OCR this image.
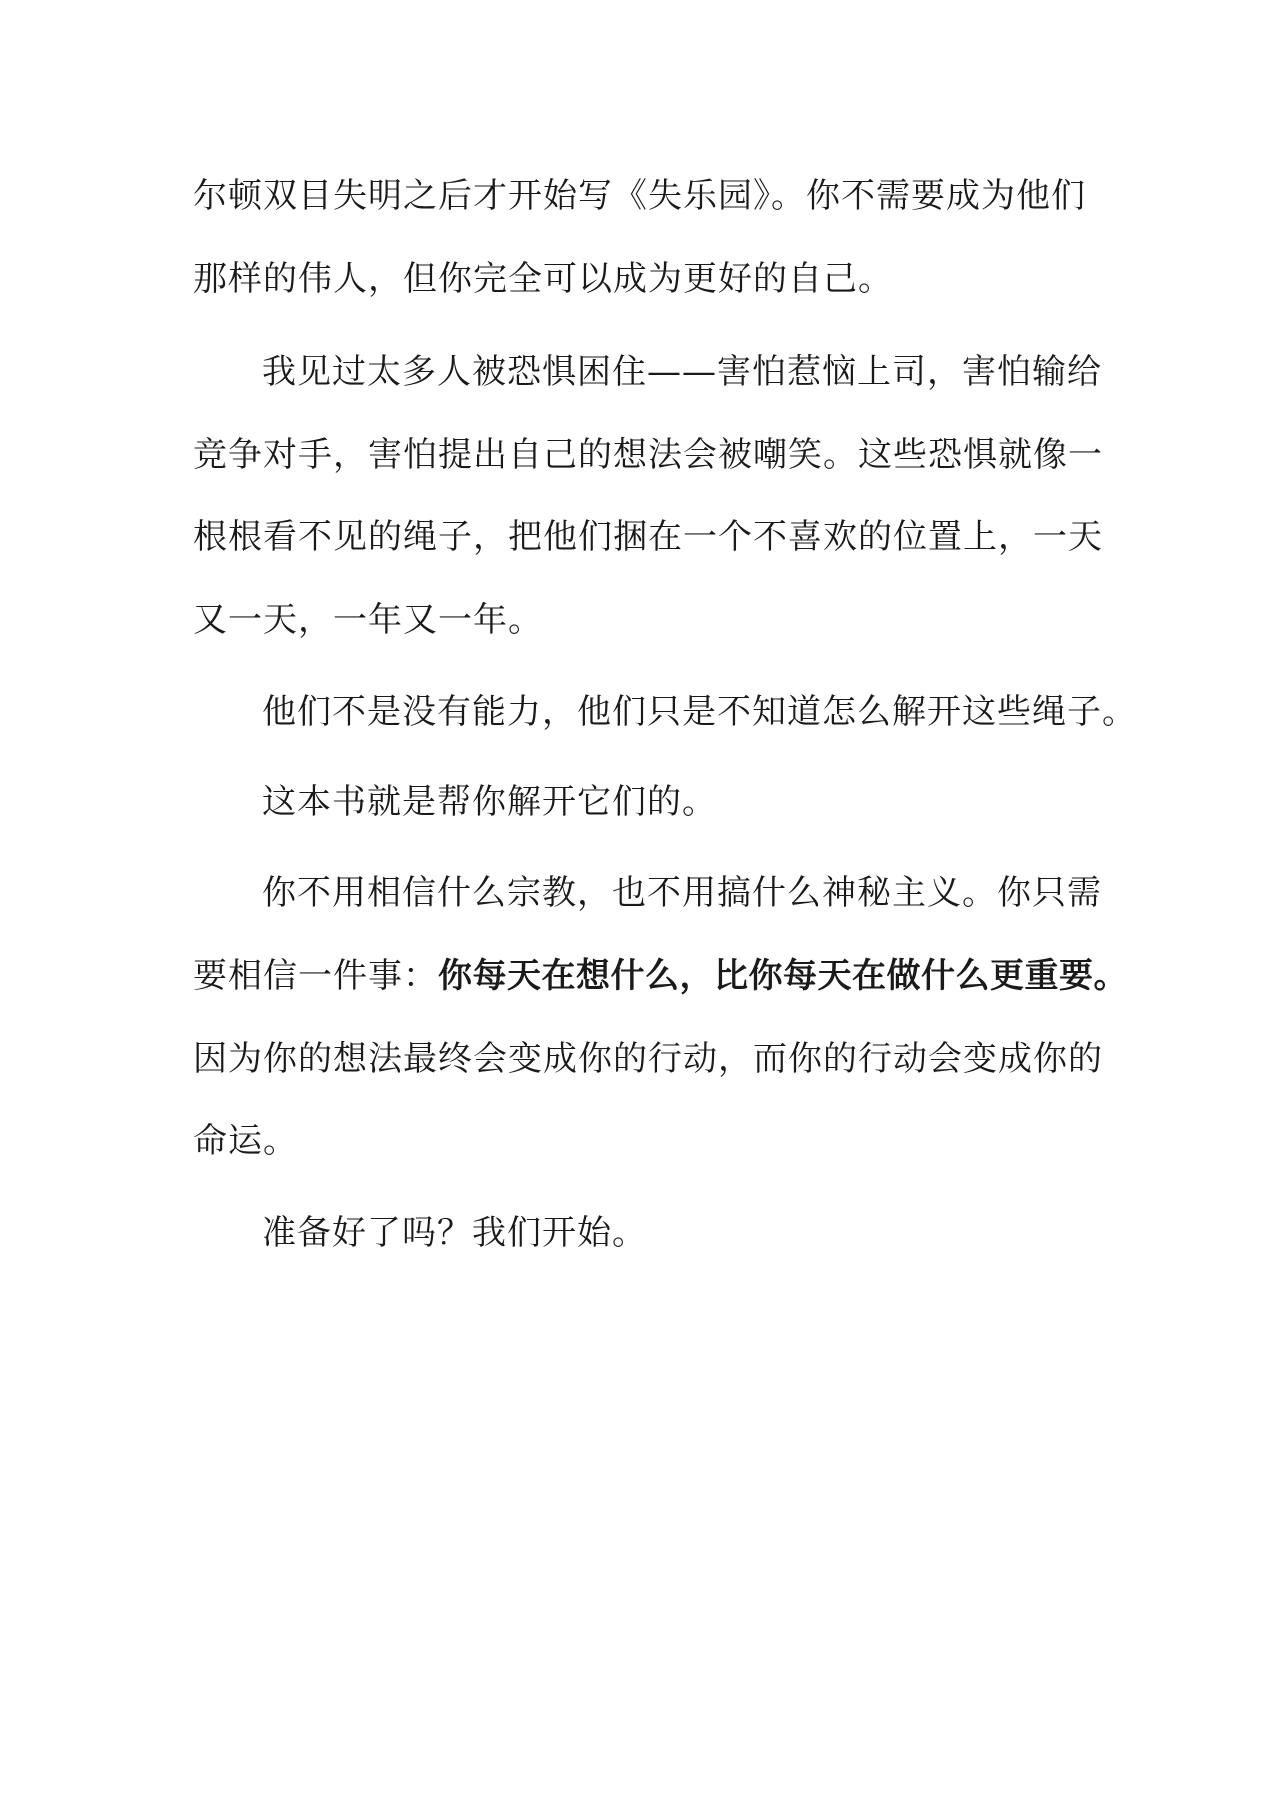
尔顿双目失明之后才开始写《失乐园》。你不需要成为他们
那样的伟人，但你完全可以成为更好的自己。
我见过太多人被恐惧困住——害怕惹恼上司，害怕输给
竞争对手，害怕提出自己的想法会被嘲笑。这些恐惧就像一
根根看不见的绳子，把他们捆在一个不喜欢的位置上，一天
又一天，一年又一年。
他们不是没有能力，他们只是不知道怎么解开这些绳子。
这本书就是帮你解开它们的。
你不用相信什么宗教，也不用搞什么神秘主义。你只需
要相信一件事：你每天在想什么，比你每天在做什么更重要。
因为你的想法最终会变成你的行动，而你的行动会变成你的
命运。
准备好了吗？我们开始。
